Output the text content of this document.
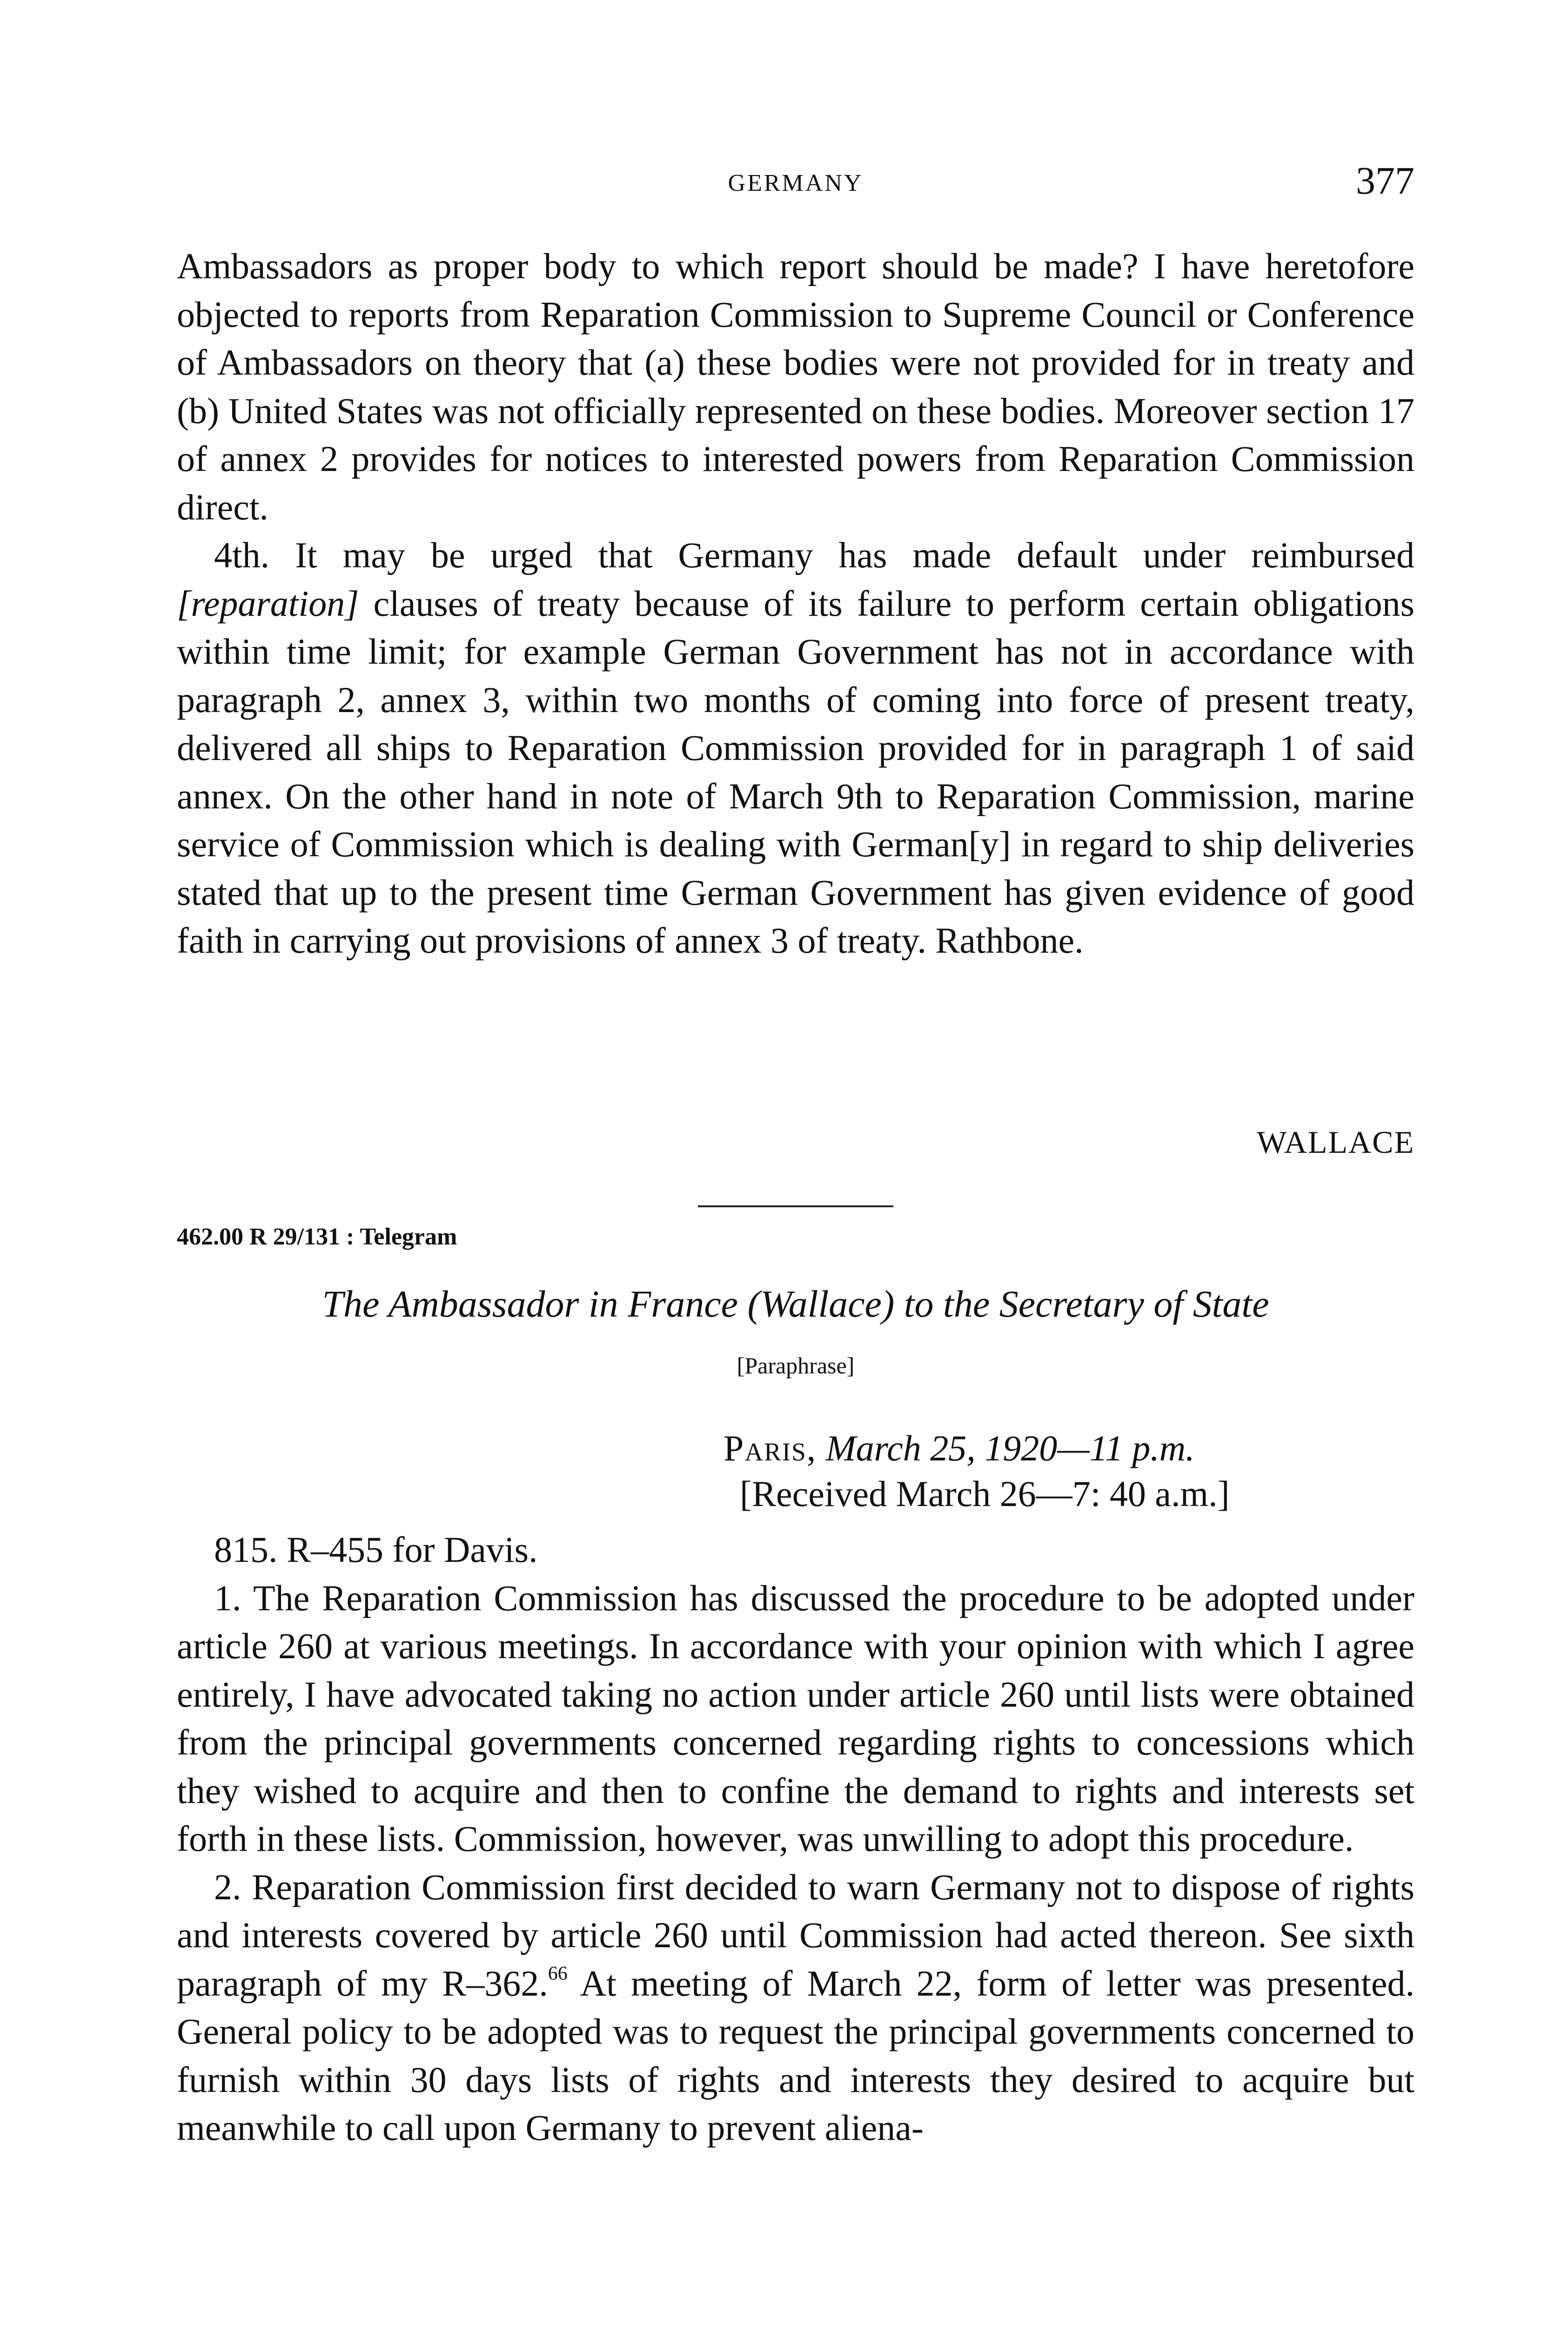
GERMANY	377

Ambassadors as proper body to which report should be made? I have heretofore objected to reports from Reparation Commission to Supreme Council or Conference of Ambassadors on theory that (a) these bodies were not provided for in treaty and (b) United States was not officially represented on these bodies. Moreover section 17 of annex 2 provides for notices to interested powers from Reparation Commission direct.

4th. It may be urged that Germany has made default under reimbursed [reparation] clauses of treaty because of its failure to perform certain obligations within time limit; for example German Government has not in accordance with paragraph 2, annex 3, within two months of coming into force of present treaty, delivered all ships to Reparation Commission provided for in paragraph 1 of said annex. On the other hand in note of March 9th to Reparation Commission, marine service of Commission which is dealing with German[y] in regard to ship deliveries stated that up to the present time German Government has given evidence of good faith in carrying out provisions of annex 3 of treaty. Rathbone.

WALLACE
462.00 R 29/131 : Telegram
The Ambassador in France (Wallace) to the Secretary of State
[Paraphrase]
Paris, March 25, 1920—11 p.m.
[Received March 26—7: 40 a.m.]

815. R–455 for Davis.

1. The Reparation Commission has discussed the procedure to be adopted under article 260 at various meetings. In accordance with your opinion with which I agree entirely, I have advocated taking no action under article 260 until lists were obtained from the principal governments concerned regarding rights to concessions which they wished to acquire and then to confine the demand to rights and interests set forth in these lists. Commission, however, was unwilling to adopt this procedure.

2. Reparation Commission first decided to warn Germany not to dispose of rights and interests covered by article 260 until Commission had acted thereon. See sixth paragraph of my R–362.66 At meeting of March 22, form of letter was presented. General policy to be adopted was to request the principal governments concerned to furnish within 30 days lists of rights and interests they desired to acquire but meanwhile to call upon Germany to prevent aliena-
